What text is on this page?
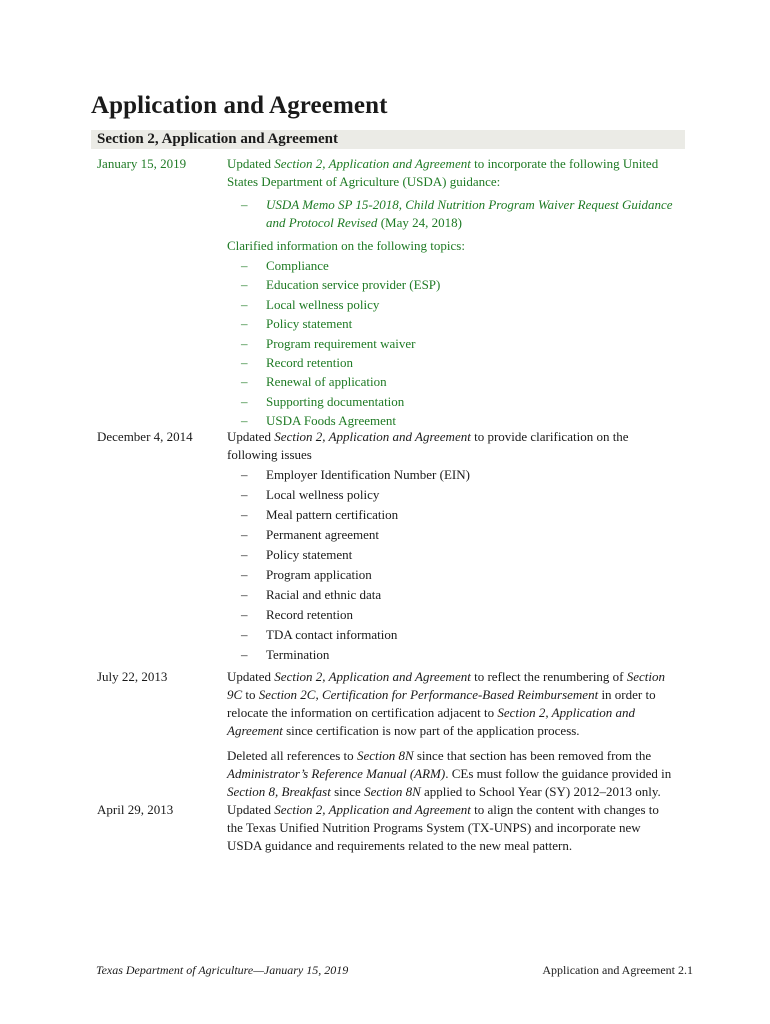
Application and Agreement
Section 2, Application and Agreement
January 15, 2019	Updated Section 2, Application and Agreement to incorporate the following United States Department of Agriculture (USDA) guidance:
– USDA Memo SP 15-2018, Child Nutrition Program Waiver Request Guidance and Protocol Revised (May 24, 2018)
Clarified information on the following topics:
– Compliance
– Education service provider (ESP)
– Local wellness policy
– Policy statement
– Program requirement waiver
– Record retention
– Renewal of application
– Supporting documentation
– USDA Foods Agreement
December 4, 2014	Updated Section 2, Application and Agreement to provide clarification on the following issues
– Employer Identification Number (EIN)
– Local wellness policy
– Meal pattern certification
– Permanent agreement
– Policy statement
– Program application
– Racial and ethnic data
– Record retention
– TDA contact information
– Termination
July 22, 2013	Updated Section 2, Application and Agreement to reflect the renumbering of Section 9C to Section 2C, Certification for Performance-Based Reimbursement in order to relocate the information on certification adjacent to Section 2, Application and Agreement since certification is now part of the application process.
Deleted all references to Section 8N since that section has been removed from the Administrator’s Reference Manual (ARM). CEs must follow the guidance provided in Section 8, Breakfast since Section 8N applied to School Year (SY) 2012–2013 only.
April 29, 2013	Updated Section 2, Application and Agreement to align the content with changes to the Texas Unified Nutrition Programs System (TX-UNPS) and incorporate new USDA guidance and requirements related to the new meal pattern.
Texas Department of Agriculture—January 15, 2019	Application and Agreement 2.1
